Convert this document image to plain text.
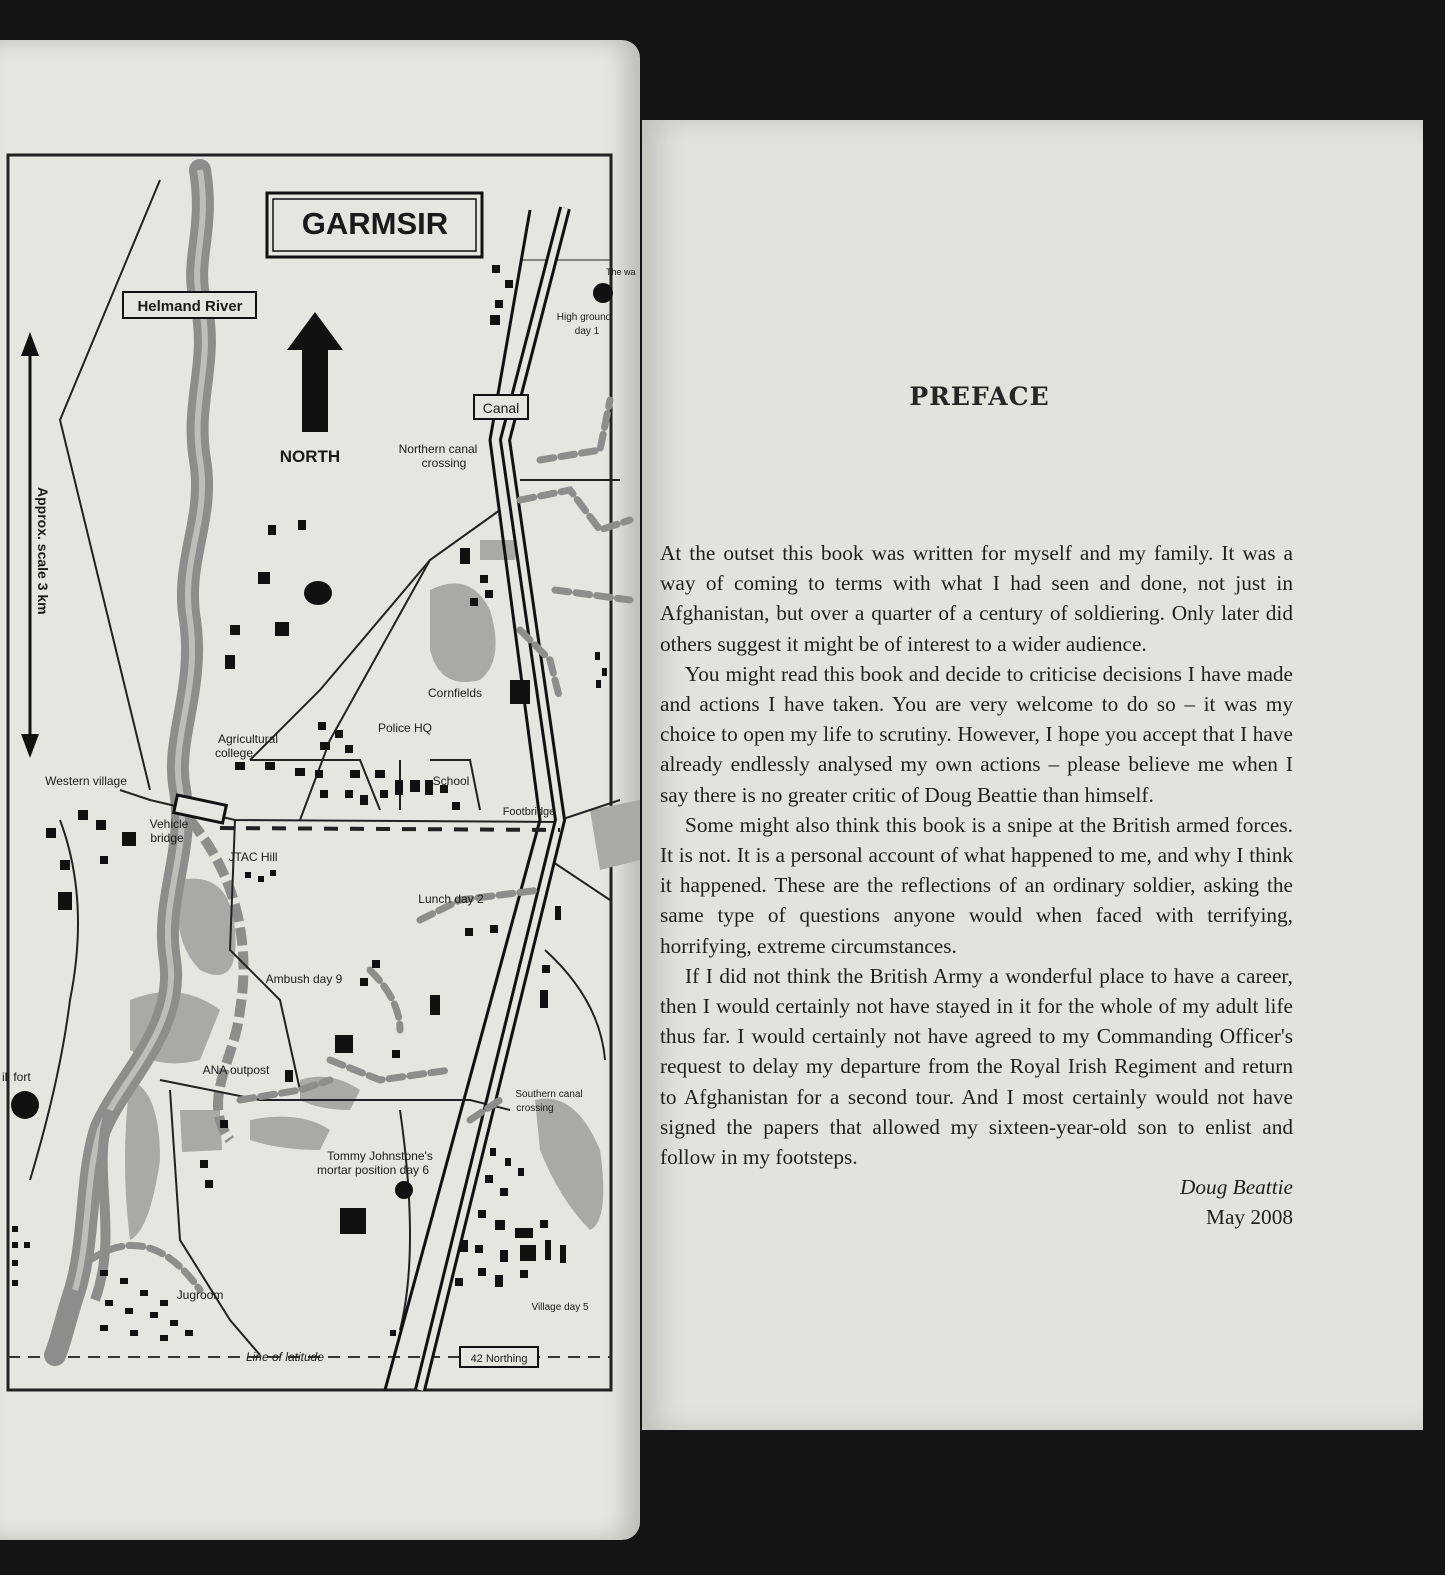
GARMSIR
NORTH
Approx. scale 3 km
Helmand River
Canal
High ground
day 1
The wa
Northern canal
crossing
Cornfields
Police HQ
Agricultural
college
School
Western village
Footbridge
Vehicle
bridge
JTAC Hill
Lunch day 2
Ambush day 9
ill fort	ANA outpost
Southern canal
crossing
Tommy Johnstone's
mortar position day 6
Jugroom
Village day 5
Line of latitude	42 Northing
PREFACE

At the outset this book was written for myself and my family. It was a way of coming to terms with what I had seen and done, not just in Afghanistan, but over a quarter of a century of soldiering. Only later did others suggest it might be of interest to a wider audience.

You might read this book and decide to criticise decisions I have made and actions I have taken. You are very welcome to do so – it was my choice to open my life to scrutiny. However, I hope you accept that I have already endlessly analysed my own actions – please believe me when I say there is no greater critic of Doug Beattie than himself.

Some might also think this book is a snipe at the British armed forces. It is not. It is a personal account of what happened to me, and why I think it happened. These are the reflections of an ordinary soldier, asking the same type of questions anyone would when faced with terrifying, horrifying, extreme circumstances.

If I did not think the British Army a wonderful place to have a career, then I would certainly not have stayed in it for the whole of my adult life thus far. I would certainly not have agreed to my Commanding Officer's request to delay my departure from the Royal Irish Regiment and return to Afghanistan for a second tour. And I most certainly would not have signed the papers that allowed my sixteen-year-old son to enlist and follow in my footsteps.

Doug Beattie
May 2008
